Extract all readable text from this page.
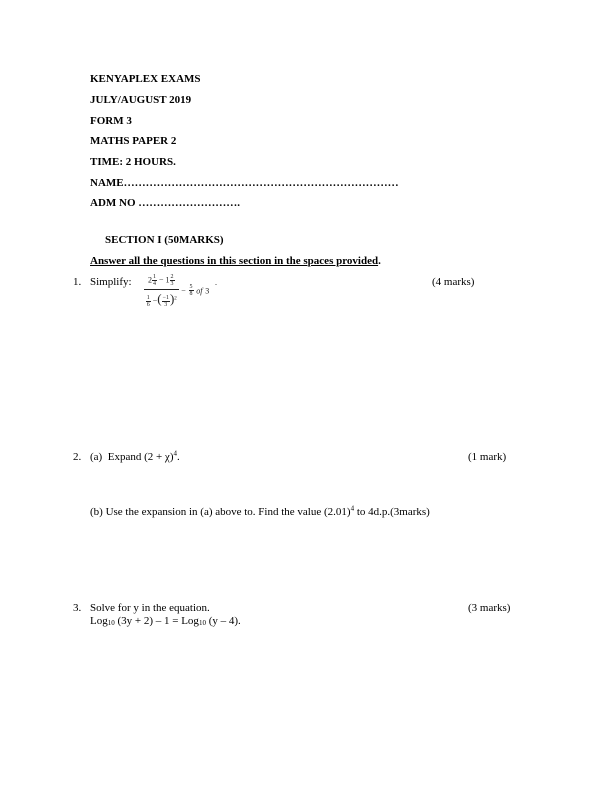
KENYAPLEX EXAMS
JULY/AUGUST 2019
FORM 3
MATHS PAPER 2
TIME: 2 HOURS.
NAME…………………………………………………………………
ADM NO ……………………….
SECTION I (50MARKS)
Answer all the questions in this section in the spaces provided.
1. Simplify:	(4 marks)
$\frac{2 \frac{1}{4} - 1 \frac{2}{3}}{\frac{1}{6} -( \frac{-1}{3} )^2} - \frac{5}{8}$ of 3 .
2. (a) Expand $(2 + \chi)^4$.	(1 mark)
(b) Use the expansion in (a) above to. Find the value $(2.01)^4$ to 4d.p.(3marks)
3. Solve for y in the equation.	(3 marks)
Log$_{10}$ (3y + 2) – 1 = Log$_{10}$ (y – 4).
